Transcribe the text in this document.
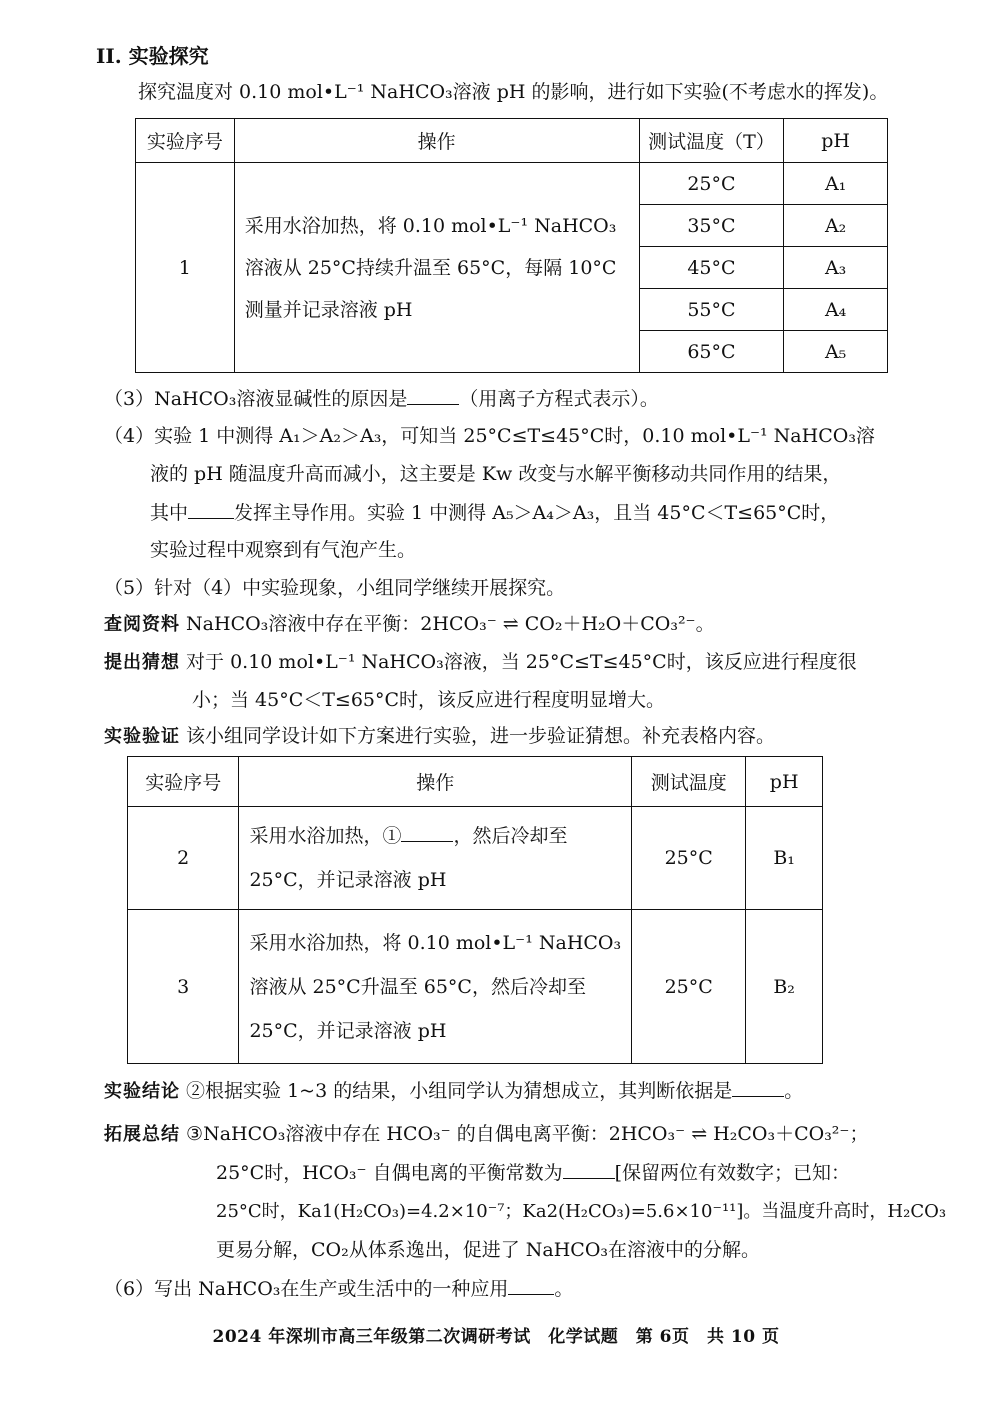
II. 实验探究
探究温度对 0.10 mol•L⁻¹ NaHCO₃溶液 pH 的影响，进行如下实验(不考虑水的挥发)。
实验序号	操作	测试温度（T）	pH
1	采用水浴加热，将 0.10 mol•L⁻¹ NaHCO₃
溶液从 25°C持续升温至 65°C，每隔 10°C
测量并记录溶液 pH	25°C	A₁
		35°C	A₂
		45°C	A₃
		55°C	A₄
		65°C	A₅
（3）NaHCO₃溶液显碱性的原因是	（用离子方程式表示）。
（4）实验 1 中测得 A₁＞A₂＞A₃，可知当 25°C≤T≤45°C时，0.10 mol•L⁻¹ NaHCO₃溶
液的 pH 随温度升高而减小，这主要是 Kw 改变与水解平衡移动共同作用的结果，
其中 发挥主导作用。实验 1 中测得 A₅＞A₄＞A₃，且当 45°C＜T≤65°C时，
实验过程中观察到有气泡产生。
（5）针对（4）中实验现象，小组同学继续开展探究。
查阅资料 NaHCO₃溶液中存在平衡：2HCO₃⁻ ⇌ CO₂＋H₂O＋CO₃²⁻。
提出猜想 对于 0.10 mol•L⁻¹ NaHCO₃溶液，当 25°C≤T≤45°C时，该反应进行程度很
小；当 45°C＜T≤65°C时，该反应进行程度明显增大。
实验验证 该小组同学设计如下方案进行实验，进一步验证猜想。补充表格内容。
实验序号	操作	测试温度	pH
2	采用水浴加热，① ，然后冷却至
25°C，并记录溶液 pH	25°C	B₁
3	采用水浴加热，将 0.10 mol•L⁻¹ NaHCO₃
溶液从 25°C升温至 65°C，然后冷却至
25°C，并记录溶液 pH	25°C	B₂
实验结论 ②根据实验 1~3 的结果，小组同学认为猜想成立，其判断依据是	。
拓展总结 ③NaHCO₃溶液中存在 HCO₃⁻ 的自偶电离平衡：2HCO₃⁻ ⇌ H₂CO₃＋CO₃²⁻；
25°C时，HCO₃⁻ 自偶电离的平衡常数为	[保留两位有效数字；已知：
25°C时，Ka1(H₂CO₃)=4.2×10⁻⁷；Ka2(H₂CO₃)=5.6×10⁻¹¹]。当温度升高时，H₂CO₃
更易分解，CO₂从体系逸出，促进了 NaHCO₃在溶液中的分解。
（6）写出 NaHCO₃在生产或生活中的一种应用 。
2024 年深圳市高三年级第二次调研考试　化学试题　第 6页　共 10 页
